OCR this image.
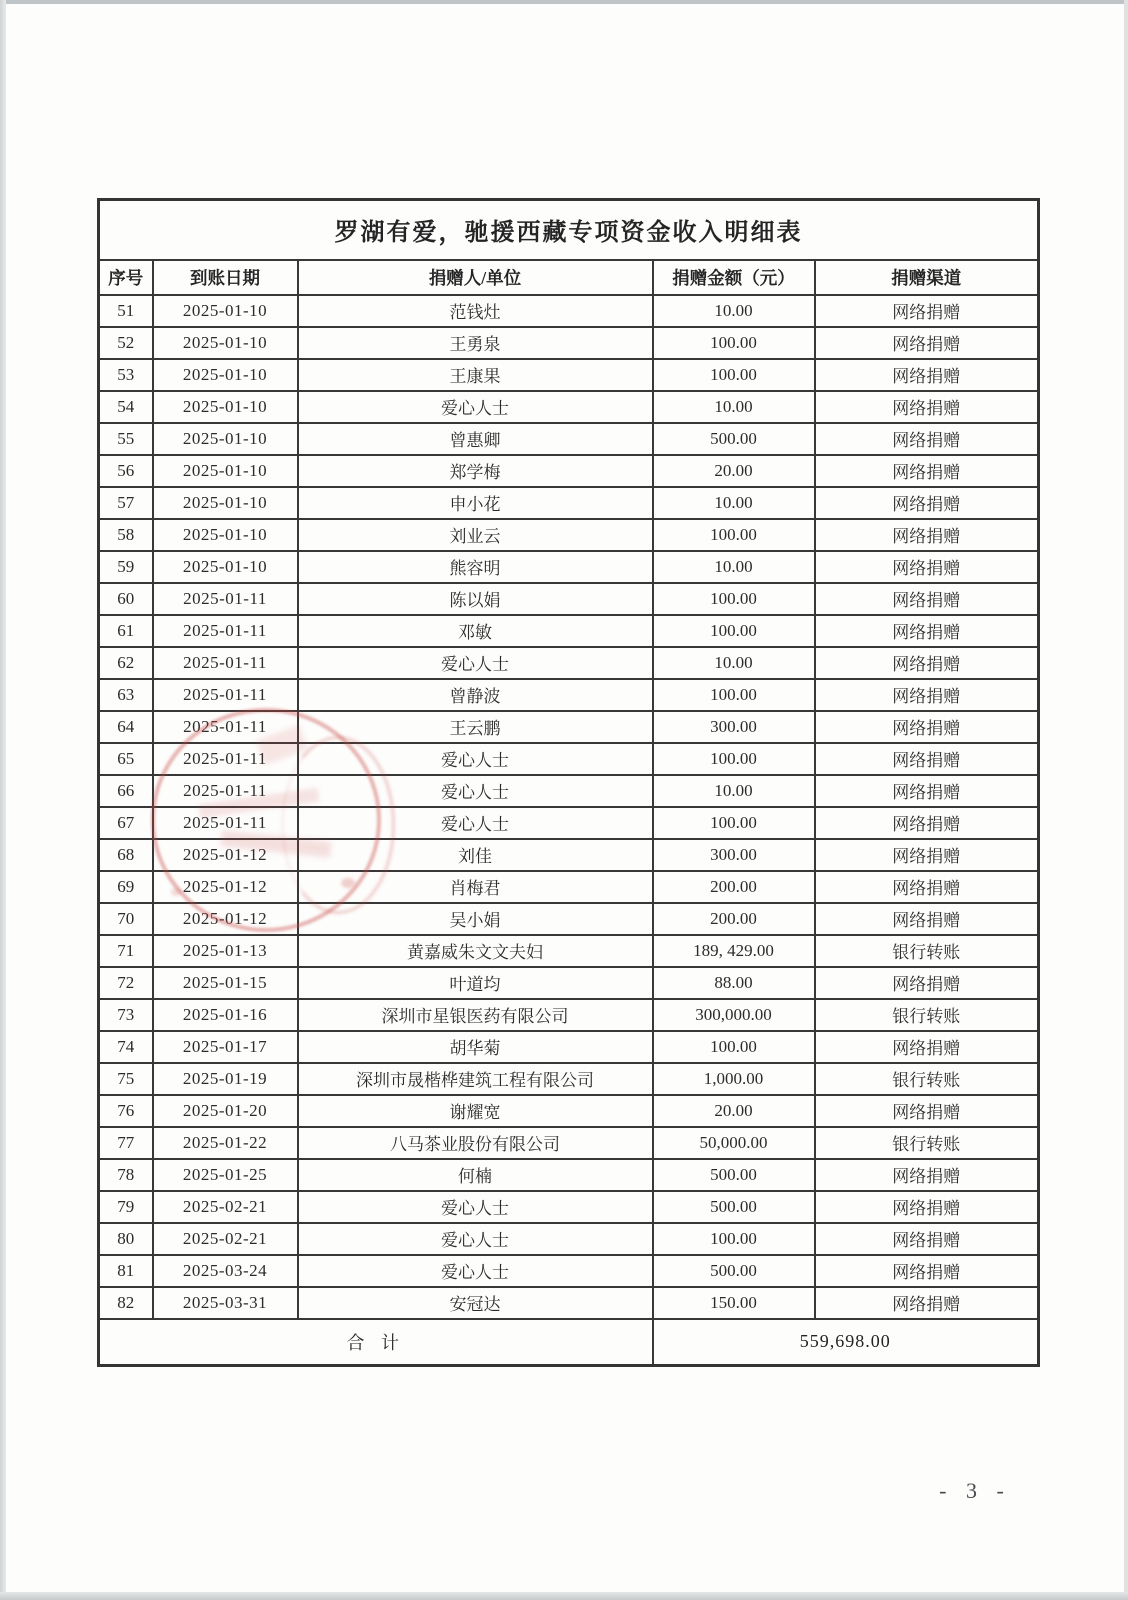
罗湖有爱，驰援西藏专项资金收入明细表				
序号	到账日期	捐赠人/单位	捐赠金额（元）	捐赠渠道
51	2025-01-10	范钱灶	10.00	网络捐赠
52	2025-01-10	王勇泉	100.00	网络捐赠
53	2025-01-10	王康果	100.00	网络捐赠
54	2025-01-10	爱心人士	10.00	网络捐赠
55	2025-01-10	曾惠卿	500.00	网络捐赠
56	2025-01-10	郑学梅	20.00	网络捐赠
57	2025-01-10	申小花	10.00	网络捐赠
58	2025-01-10	刘业云	100.00	网络捐赠
59	2025-01-10	熊容明	10.00	网络捐赠
60	2025-01-11	陈以娟	100.00	网络捐赠
61	2025-01-11	邓敏	100.00	网络捐赠
62	2025-01-11	爱心人士	10.00	网络捐赠
63	2025-01-11	曾静波	100.00	网络捐赠
64	2025-01-11	王云鹏	300.00	网络捐赠
65	2025-01-11	爱心人士	100.00	网络捐赠
66	2025-01-11	爱心人士	10.00	网络捐赠
67	2025-01-11	爱心人士	100.00	网络捐赠
68	2025-01-12	刘佳	300.00	网络捐赠
69	2025-01-12	肖梅君	200.00	网络捐赠
70	2025-01-12	吴小娟	200.00	网络捐赠
71	2025-01-13	黄嘉威朱文文夫妇	189, 429.00	银行转账
72	2025-01-15	叶道均	88.00	网络捐赠
73	2025-01-16	深圳市星银医药有限公司	300,000.00	银行转账
74	2025-01-17	胡华菊	100.00	网络捐赠
75	2025-01-19	深圳市晟楷桦建筑工程有限公司	1,000.00	银行转账
76	2025-01-20	谢耀宽	20.00	网络捐赠
77	2025-01-22	八马茶业股份有限公司	50,000.00	银行转账
78	2025-01-25	何楠	500.00	网络捐赠
79	2025-02-21	爱心人士	500.00	网络捐赠
80	2025-02-21	爱心人士	100.00	网络捐赠
81	2025-03-24	爱心人士	500.00	网络捐赠
82	2025-03-31	安冠达	150.00	网络捐赠
合 计			559,698.00	
- 3 -
